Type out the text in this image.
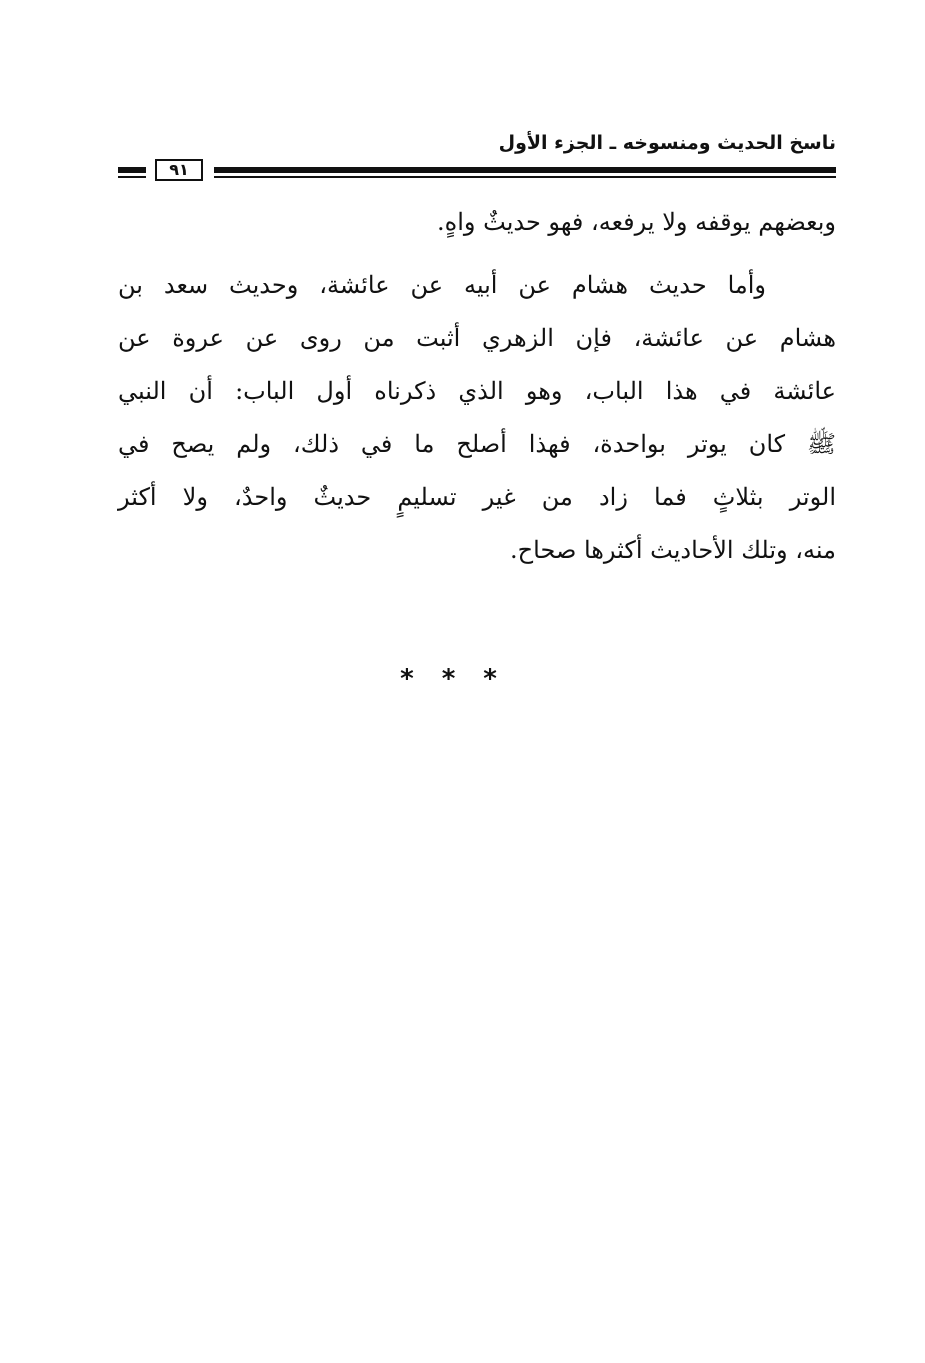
ناسخ الحديث ومنسوخه ـ الجزء الأول
٩١

وبعضهم يوقفه ولا يرفعه، فهو حديثٌ واهٍ.

وأما حديث هشام عن أبيه عن عائشة، وحديث سعد بن
هشام عن عائشة، فإن الزهري أثبت من روى عن عروة عن
عائشة في هذا الباب، وهو الذي ذكرناه أول الباب: أن النبي
ﷺ كان يوتر بواحدة، فهذا أصلح ما في ذلك، ولم يصح في
الوتر بثلاثٍ فما زاد من غير تسليمٍ حديثٌ واحدٌ، ولا أكثر
منه، وتلك الأحاديث أكثرها صحاح.
***
